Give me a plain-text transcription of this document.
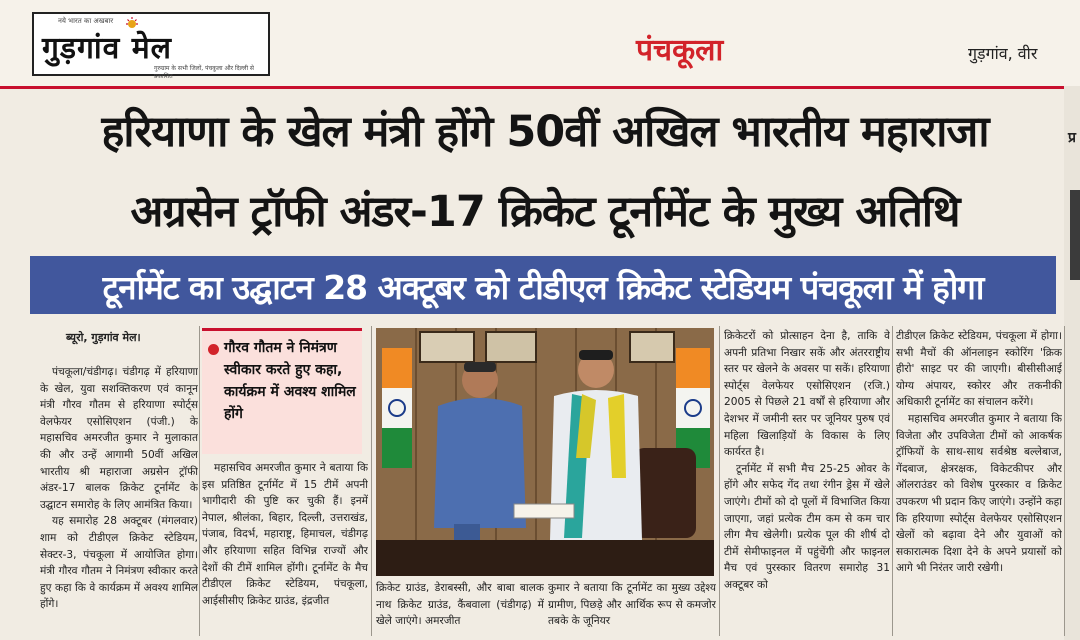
नये भारत का अखबार
गुड़गांव मेल
गुरुग्राम के सभी जिलों, पंचकुला और दिल्ली से प्रकाशित
पंचकूला	गुड़गांव, वीर
हरियाणा के खेल मंत्री होंगे 50वीं अखिल भारतीय महाराजा
अग्रसेन ट्रॉफी अंडर-17 क्रिकेट टूर्नामेंट के मुख्य अतिथि
टूर्नामेंट का उद्घाटन 28 अक्टूबर को टीडीएल क्रिकेट स्टेडियम पंचकूला में होगा
प्र
ब्यूरो, गुड़गांव मेल।

पंचकूला/चंडीगढ़। चंडीगढ़ में हरियाणा के खेल, युवा सशक्तिकरण एवं कानून मंत्री गौरव गौतम से हरियाणा स्पोर्ट्स वेलफेयर एसोसिएशन (पंजी.) के महासचिव अमरजीत कुमार ने मुलाकात की और उन्हें आगामी 50वीं अखिल भारतीय श्री महाराजा अग्रसेन ट्रॉफी अंडर-17 बालक क्रिकेट टूर्नामेंट के उद्घाटन समारोह के लिए आमंत्रित किया।

यह समारोह 28 अक्टूबर (मंगलवार) शाम को टीडीएल क्रिकेट स्टेडियम, सेक्टर-3, पंचकूला में आयोजित होगा। मंत्री गौरव गौतम ने निमंत्रण स्वीकार करते हुए कहा कि वे कार्यक्रम में अवश्य शामिल होंगे।

गौरव गौतम ने निमंत्रण स्वीकार करते हुए कहा, कार्यक्रम में अवश्य शामिल होंगे

महासचिव अमरजीत कुमार ने बताया कि इस प्रतिष्ठित टूर्नामेंट में 15 टीमें अपनी भागीदारी की पुष्टि कर चुकी हैं। इनमें नेपाल, श्रीलंका, बिहार, दिल्ली, उत्तराखंड, पंजाब, विदर्भ, महाराष्ट्र, हिमाचल, चंडीगढ़ और हरियाणा सहित विभिन्न राज्यों और देशों की टीमें शामिल होंगी। टूर्नामेंट के मैच टीडीएल क्रिकेट स्टेडियम, पंचकूला, आईसीसीए क्रिकेट ग्राउंड, इंद्रजीत

क्रिकेट ग्राउंड, डेराबस्सी, और बाबा बालक नाथ क्रिकेट ग्राउंड, कैंबवाला (चंडीगढ़) में खेले जाएंगे। अमरजीत

कुमार ने बताया कि टूर्नामेंट का मुख्य उद्देश्य ग्रामीण, पिछड़े और आर्थिक रूप से कमजोर तबके के जूनियर

क्रिकेटरों को प्रोत्साहन देना है, ताकि वे अपनी प्रतिभा निखार सकें और अंतरराष्ट्रीय स्तर पर खेलने के अवसर पा सकें। हरियाणा स्पोर्ट्स वेलफेयर एसोसिएशन (रजि.) 2005 से पिछले 21 वर्षों से हरियाणा और देशभर में जमीनी स्तर पर जूनियर पुरुष एवं महिला खिलाड़ियों के विकास के लिए कार्यरत है।

टूर्नामेंट में सभी मैच 25-25 ओवर के होंगे और सफेद गेंद तथा रंगीन ड्रेस में खेले जाएंगे। टीमों को दो पूलों में विभाजित किया जाएगा, जहां प्रत्येक टीम कम से कम चार लीग मैच खेलेगी। प्रत्येक पूल की शीर्ष दो टीमें सेमीफाइनल में पहुंचेंगी और फाइनल मैच एवं पुरस्कार वितरण समारोह 31 अक्टूबर को

टीडीएल क्रिकेट स्टेडियम, पंचकूला में होगा। सभी मैचों की ऑनलाइन स्कोरिंग 'क्रिक हीरो' साइट पर की जाएगी। बीसीसीआई योग्य अंपायर, स्कोरर और तकनीकी अधिकारी टूर्नामेंट का संचालन करेंगे।

महासचिव अमरजीत कुमार ने बताया कि विजेता और उपविजेता टीमों को आकर्षक ट्रॉफियों के साथ-साथ सर्वश्रेष्ठ बल्लेबाज, गेंदबाज, क्षेत्ररक्षक, विकेटकीपर और ऑलराउंडर को विशेष पुरस्कार व क्रिकेट उपकरण भी प्रदान किए जाएंगे। उन्होंने कहा कि हरियाणा स्पोर्ट्स वेलफेयर एसोसिएशन खेलों को बढ़ावा देने और युवाओं को सकारात्मक दिशा देने के अपने प्रयासों को आगे भी निरंतर जारी रखेगी।
